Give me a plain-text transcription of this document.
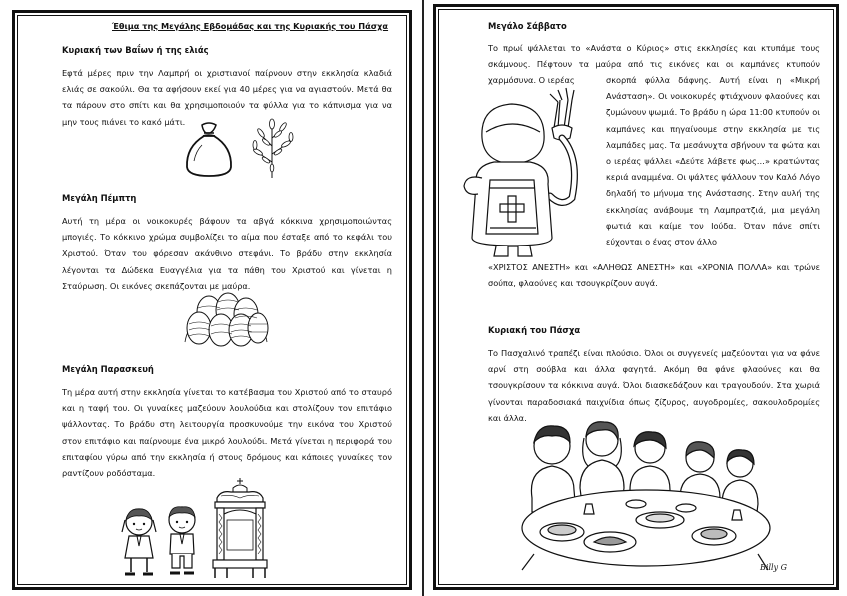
Έθιμα της Μεγάλης Εβδομάδας και της Κυριακής του Πάσχα
Κυριακή των Βαΐων ή της ελιάς
Εφτά μέρες πριν την Λαμπρή οι χριστιανοί παίρνουν στην εκκλησία κλαδιά ελιάς σε σακούλι. Θα τα αφήσουν εκεί για 40 μέρες για να αγιαστούν. Μετά θα τα πάρουν στο σπίτι και θα χρησιμοποιούν τα φύλλα για το κάπνισμα για να μην τους πιάνει το κακό μάτι.
Μεγάλη Πέμπτη
Αυτή τη μέρα οι νοικοκυρές βάφουν τα αβγά κόκκινα χρησιμοποιώντας μπογιές. Το κόκκινο χρώμα συμβολίζει το αίμα που έσταξε από το κεφάλι του Χριστού. Όταν του φόρεσαν ακάνθινο στεφάνι. Το βράδυ στην εκκλησία λέγονται τα Δώδεκα Ευαγγέλια για τα πάθη του Χριστού και γίνεται η Σταύρωση. Οι εικόνες σκεπάζονται με μαύρα.
Μεγάλη Παρασκευή
Τη μέρα αυτή στην εκκλησία γίνεται το κατέβασμα του Χριστού από το σταυρό και η ταφή του. Οι γυναίκες μαζεύουν λουλούδια και στολίζουν τον επιτάφιο ψάλλοντας. Το βράδυ στη λειτουργία προσκυνούμε την εικόνα του Χριστού στον επιτάφιο και παίρνουμε ένα μικρό λουλούδι. Μετά γίνεται η περιφορά του επιταφίου γύρω από την εκκλησία ή στους δρόμους και κάποιες γυναίκες τον ραντίζουν ροδόσταμα.
Μεγάλο Σάββατο
Το πρωί ψάλλεται το «Ανάστα ο Κύριος» στις εκκλησίες και κτυπάμε τους σκάμνους. Πέφτουν τα μαύρα από τις εικόνες και οι καμπάνες κτυπούν χαρμόσυνα. Ο ιερέας	σκορπά φύλλα δάφνης. Αυτή είναι η «Μικρή Ανάσταση». Οι νοικοκυρές φτιάχνουν φλαούνες και ζυμώνουν ψωμιά. Το βράδυ η ώρα 11:00 κτυπούν οι καμπάνες και πηγαίνουμε στην εκκλησία με τις λαμπάδες μας. Τα μεσάνυχτα σβήνουν τα φώτα και ο ιερέας ψάλλει «Δεύτε λάβετε φως…» κρατώντας κεριά αναμμένα. Οι ψάλτες ψάλλουν τον Καλό Λόγο δηλαδή το μήνυμα της Ανάστασης. Στην αυλή της εκκλησίας ανάβουμε τη Λαμπρατζιά, μια μεγάλη φωτιά και καίμε τον Ιούδα. Όταν πάνε σπίτι εύχονται ο ένας στον άλλο
«ΧΡΙΣΤΟΣ ΑΝΕΣΤΗ» και «ΑΛΗΘΩΣ ΑΝΕΣΤΗ» και «ΧΡΟΝΙΑ ΠΟΛΛΑ» και τρώνε σούπα, φλαούνες και τσουγκρίζουν αυγά.
Κυριακή του Πάσχα
Το Πασχαλινό τραπέζι είναι πλούσιο. Όλοι οι συγγενείς μαζεύονται για να φάνε αρνί στη σούβλα και άλλα φαγητά. Ακόμη θα φάνε φλαούνες και θα τσουγκρίσουν τα κόκκινα αυγά. Όλοι διασκεδάζουν και τραγουδούν. Στα χωριά γίνονται παραδοσιακά παιχνίδια όπως ζίζυρος, αυγοδρομίες, σακουλοδρομίες και άλλα.
Billy G
